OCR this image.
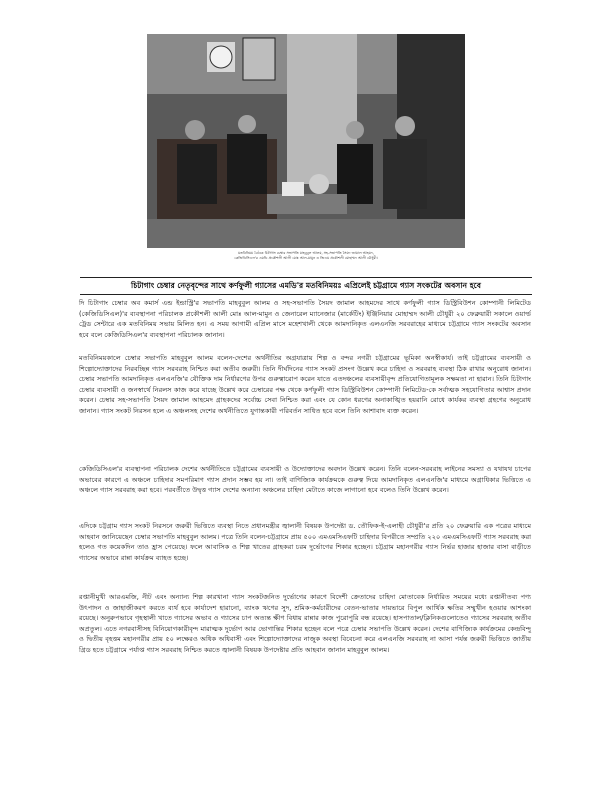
মতবিনিময় বৈঠকে চিটাগাং চেম্বার সভাপতি মাহবুবুল আলম, সহ-সভাপতি সৈয়দ জামাল আহমদ,
কেজিডিসিএল'র এমডি প্রকৌশলী আলী মোঃ আল-মামুন ও জিএম প্রকৌশলী মোহাম্মদ আলী চৌধুরী।
চিটাগাং চেম্বার নেতৃবৃন্দের সাথে কর্ণফুলী গ্যাসের এমডি'র মতবিনিময়ঃ এপ্রিলেই চট্টগ্রামে গ্যাস সংকটের অবসান হবে
দি চিটাগাং চেম্বার অব কমার্স এন্ড ইন্ডাস্ট্রি'র সভাপতি মাহবুবুল আলম ও সহ-সভাপতি সৈয়দ জামাল আহমদের সাথে কর্ণফুলী গ্যাস ডিস্ট্রিবিউশন কোম্পানী লিমিটেড (কেজিডিসিএল)'র ব্যবস্থাপনা পরিচালক প্রকৌশলী আলী মোঃ আল-মামুন ও জেনারেল ম্যানেজার (মার্কেটিং) ইঞ্জিনিয়ার মোহাম্মদ আলী চৌধুরী ২০ ফেব্রুয়ারী সকালে ওয়ার্ল্ড ট্রেড সেন্টারে এক মতবিনিময় সভায় মিলিত হন। এ সময় আগামী এপ্রিল মাসে মহেশখালী থেকে আমদানিকৃত এলএনজি সরবরাহের মাধ্যমে চট্টগ্রামে গ্যাস সংকটের অবসান হবে বলে কেজিডিসিএল'র ব্যবস্থাপনা পরিচালক জানান।
মতবিনিময়কালে চেম্বার সভাপতি মাহবুবুল আলম বলেন-দেশের অর্থনীতির অগ্রযাত্রায় শিল্প ও বন্দর নগরী চট্টগ্রামের ভূমিকা অনস্বীকার্য। তাই চট্টগ্রামের ব্যবসায়ী ও শিল্পোদ্যোক্তাদের নিরবচ্ছিন্ন গ্যাস সরবরাহ নিশ্চিত করা অতীব জরুরী। তিনি দীর্ঘদিনের গ্যাস সংকট প্রসংগ উল্লেখ করে চাহিদা ও সরবরাহ ব্যবস্থা ঠিক রাখার অনুরোধ জানান। চেম্বার সভাপতি আমদানিকৃত এলএনজি'র যৌক্তিক দাম নির্ধারণের উপর গুরুত্বারোপ করেন যাতে এতদঞ্চলের ব্যবসায়ীবৃন্দ প্রতিযোগিতামূলক সক্ষমতা না হারান। তিনি চিটাগাং চেম্বার ব্যবসায়ী ও জনস্বার্থে নিরলস কাজ করে যাচ্ছে উল্লেখ করে চেম্বারের পক্ষ থেকে কর্ণফুলী গ্যাস ডিস্ট্রিবিউশন কোম্পানী লিমিটেড-কে সর্বাত্মক সহযোগিতার আশ্বাস প্রদান করেন। চেম্বার সহ-সভাপতি সৈয়দ জামাল আহমেদ গ্রাহকদের সর্বোচ্চ সেবা নিশ্চিত করা এবং যে কোন ধরণের অনাকাঙ্খিত হয়রানি রোধে কার্যকর ব্যবস্থা গ্রহণের অনুরোধ জানান। গ্যাস সংকট নিরসন হলে এ অঞ্চলসহ দেশের অর্থনীতিতে যুগান্তকারী পরিবর্তন সাধিত হবে বলে তিনি আশাবাদ ব্যক্ত করেন।
কেজিডিসিএল'র ব্যবস্থাপনা পরিচালক দেশের অর্থনীতিতে চট্টগ্রামের ব্যবসায়ী ও উদ্যোক্তাদের অবদান উল্লেখ করেন। তিনি বলেন-সরবরাহ লাইনের সমস্যা ও যথাযথ চাপের অভাবের কারণে এ অঞ্চলে চাহিদার সমপরিমাণ গ্যাস প্রদান সম্ভব হয় না। তাই বাণিজ্যিক কার্যক্রমকে গুরুত্ব দিয়ে আমদানিকৃত এলএনজি'র মাধ্যমে অগ্রাধিকার ভিত্তিতে এ অঞ্চলে গ্যাস সরবরাহ করা হবে। পরবর্তীতে উদ্বৃত্ত গ্যাস দেশের অন্যান্য অঞ্চলের চাহিদা মেটাতে কাজে লাগানো হবে বলেও তিনি উল্লেখ করেন।
এদিকে চট্টগ্রাম গ্যাস সংকট নিরসনে জরুরী ভিত্তিতে ব্যবস্থা নিতে প্রধানমন্ত্রীর জ্বালানী বিষয়ক উপদেষ্টা ড. তৌফিক-ই-এলাহী চৌধুরী'র প্রতি ২০ ফেব্রুয়ারি এক পত্রের মাধ্যমে আহবান জানিয়েছেন চেম্বার সভাপতি মাহবুবুল আলম। পত্রে তিনি বলেন-চট্টগ্রামে প্রায় ৫০০ এমএমসিএফটি চাহিদার বিপরীতে সম্প্রতি ২২০ এমএমসিএফটি গ্যাস সরবরাহ করা হলেও গত কয়েকদিন তাও হ্রাস পেয়েছে। ফলে আবাসিক ও শিল্প খাতের গ্রাহকরা চরম দুর্ভোগের শিকার হচ্ছেন। চট্টগ্রাম মহানগরীর গ্যাস নির্ভর হাজার হাজার বাসা বাড়ীতে গ্যাসের অভাবে রান্না কার্যক্রম ব্যাহত হচ্ছে।
রপ্তানীমুখী আরএমজি, নীট এবং অন্যান্য শিল্প কারখানা গ্যাস সংকটজনিত দুর্ভোগের কারণে বিদেশী ক্রেতাদের চাহিদা মোতাবেক নির্ধারিত সময়ের মধ্যে রপ্তানীতব্য পণ্য উৎপাদন ও জাহাজীকরণ করতে ব্যর্থ হবে কার্যাদেশ হারানো, ব্যাংক ঋণের সুদ, শ্রমিক-কর্মচারীদের বেতন-ভাতার দায়ভারে বিপুল আর্থিক ক্ষতির সম্মুখীন হওয়ার আশংকা রয়েছে। অনুরুপভাবে গৃহস্থালী খাতে গ্যাসের অভাব ও গ্যাসের চাপ অত্যন্ত ক্ষীণ বিধায় রান্নার কাজ পুরোপুরি বন্ধ রয়েছে। হাসপাতাল/ক্লিনিকগুলোতেও গ্যাসের সরবরাহ অতীব অপ্রতুল। এতে নগরবাসীসহ বিনিয়োগকারীবৃন্দ মারাত্মক দুর্ভোগ আর ভোগান্তির শিকার হচ্ছেন বলে পত্রে চেম্বার সভাপতি উল্লেখ করেন। দেশের বাণিজ্যিক কার্যক্রমের কেন্দ্রবিন্দু ও দ্বিতীয় বৃহত্তম মহানগরীর প্রায় ৫০ লক্ষেরও অধিক অধিবাসী এবং শিল্পোদ্যোক্তাদের নাজুক অবস্থা বিবেচনা করে এলএনজি সরবরাহ না আসা পর্যন্ত জরুরী ভিত্তিতে জাতীয় গ্রিড হতে চট্টগ্রামে পর্যাপ্ত গ্যাস সরবরাহ নিশ্চিত করতে জ্বালানী বিষয়ক উপদেষ্টার প্রতি আহবান জানান মাহবুবুল আলম।
